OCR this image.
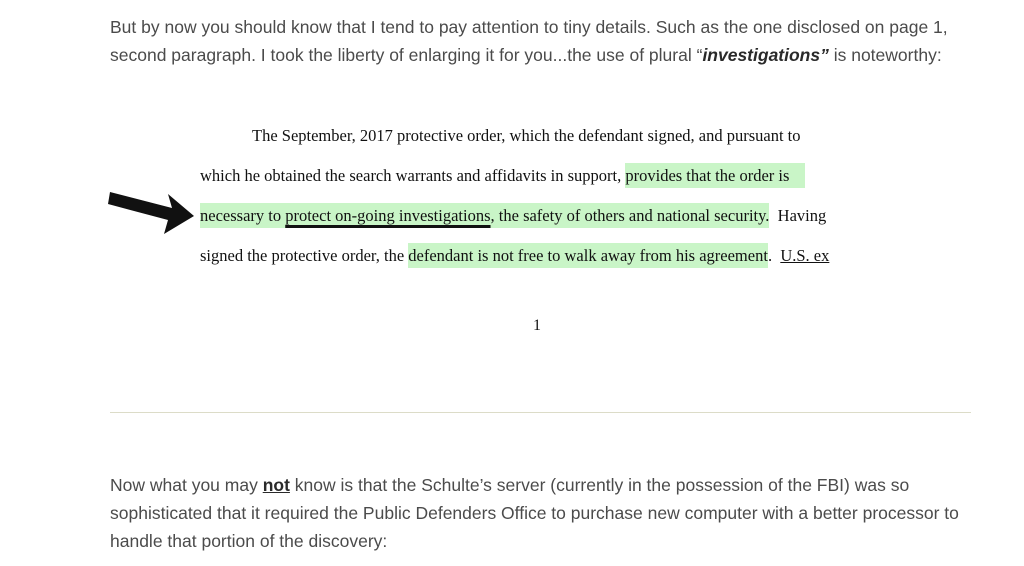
But by now you should know that I tend to pay attention to tiny details. Such as the one disclosed on page 1,
second paragraph. I took the liberty of enlarging it for you...the use of plural “investigations” is noteworthy:

The September, 2017 protective order, which the defendant signed, and pursuant to
which he obtained the search warrants and affidavits in support, provides that the order is
necessary to protect on-going investigations, the safety of others and national security.  Having
signed the protective order, the defendant is not free to walk away from his agreement.  U.S. ex
1

Now what you may not know is that the Schulte’s server (currently in the possession of the FBI) was so sophisticated that it required the Public Defenders Office to purchase new computer with a better processor to handle that portion of the discovery:
